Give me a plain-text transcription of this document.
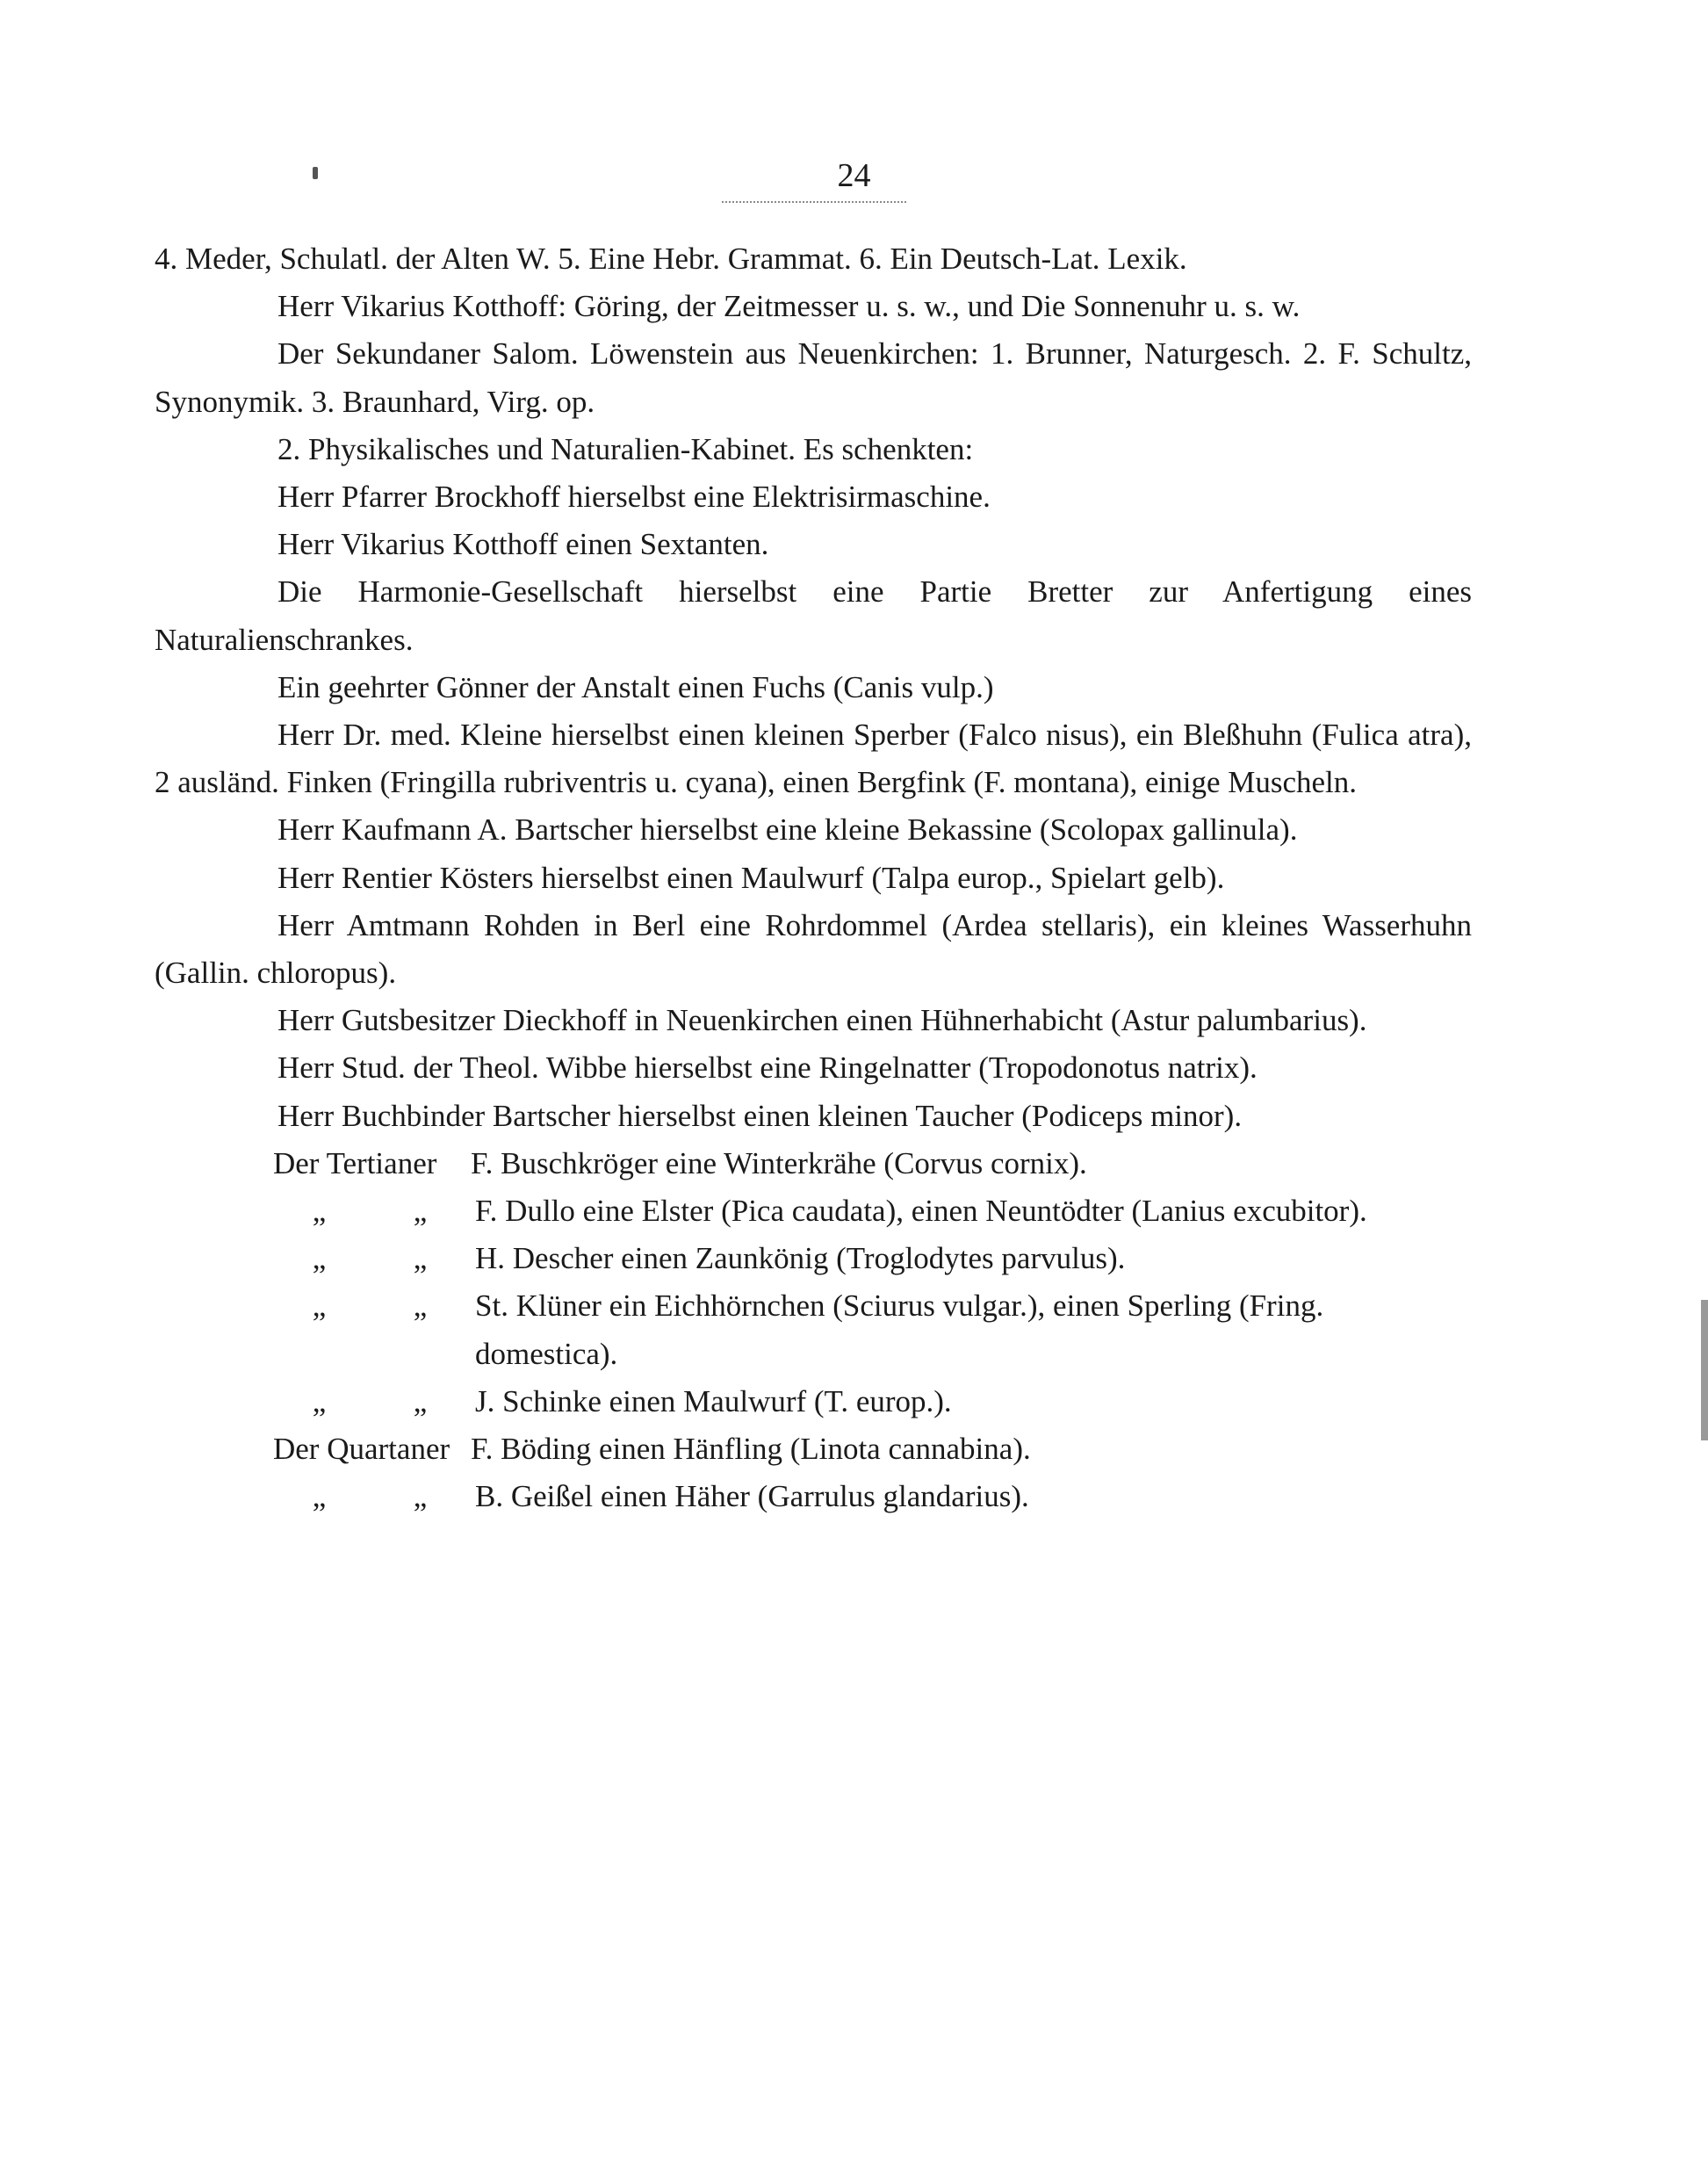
24

4. Meder, Schulatl. der Alten W. 5. Eine Hebr. Grammat. 6. Ein Deutsch-Lat. Lexik.

Herr Vikarius Kotthoff: Göring, der Zeitmesser u. s. w., und Die Sonnenuhr u. s. w.

Der Sekundaner Salom. Löwenstein aus Neuenkirchen: 1. Brunner, Naturgesch. 2. F. Schultz, Synonymik. 3. Braunhard, Virg. op.

2. Physikalisches und Naturalien-Kabinet. Es schenkten:

Herr Pfarrer Brockhoff hierselbst eine Elektrisirmaschine.

Herr Vikarius Kotthoff einen Sextanten.

Die Harmonie-Gesellschaft hierselbst eine Partie Bretter zur Anfertigung eines Naturalienschrankes.

Ein geehrter Gönner der Anstalt einen Fuchs (Canis vulp.)

Herr Dr. med. Kleine hierselbst einen kleinen Sperber (Falco nisus), ein Bleßhuhn (Fulica atra), 2 ausländ. Finken (Fringilla rubriventris u. cyana), einen Bergfink (F. montana), einige Muscheln.

Herr Kaufmann A. Bartscher hierselbst eine kleine Bekassine (Scolopax gallinula).

Herr Rentier Kösters hierselbst einen Maulwurf (Talpa europ., Spielart gelb).

Herr Amtmann Rohden in Berl eine Rohrdommel (Ardea stellaris), ein kleines Wasserhuhn (Gallin. chloropus).

Herr Gutsbesitzer Dieckhoff in Neuenkirchen einen Hühnerhabicht (Astur palumbarius).

Herr Stud. der Theol. Wibbe hierselbst eine Ringelnatter (Tropodonotus natrix).

Herr Buchbinder Bartscher hierselbst einen kleinen Taucher (Podiceps minor).

Der Tertianer	F. Buschkröger eine Winterkrähe (Corvus cornix).
„	„	F. Dullo eine Elster (Pica caudata), einen Neuntödter (Lanius excubitor).
„	„	H. Descher einen Zaunkönig (Troglodytes parvulus).
„	„	St. Klüner ein Eichhörnchen (Sciurus vulgar.), einen Sperling (Fring. domestica).
„	„	J. Schinke einen Maulwurf (T. europ.).
Der Quartaner F. Böding einen Hänfling (Linota cannabina).
„	„	B. Geißel einen Häher (Garrulus glandarius).
